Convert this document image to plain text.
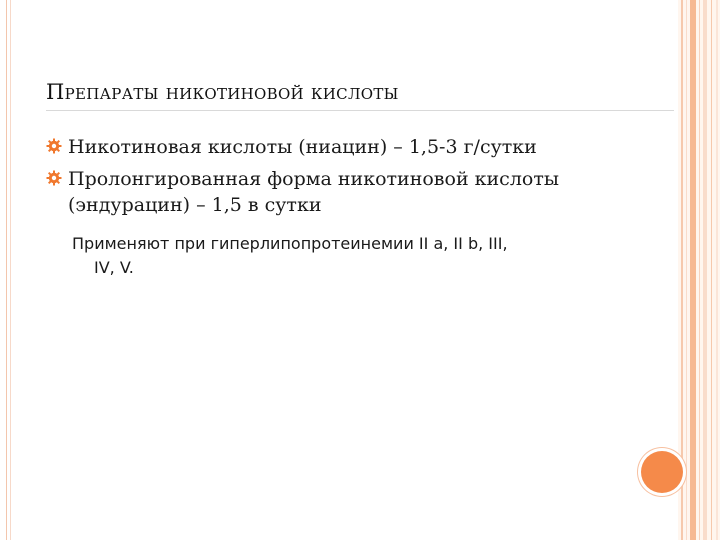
Препараты никотиновой кислоты
Никотиновая кислоты (ниацин) – 1,5-3 г/сутки
Пролонгированная форма никотиновой кислоты (эндурацин) – 1,5 в сутки
Применяют при гиперлипопротеинемии II a, II b, III,
IV, V.
